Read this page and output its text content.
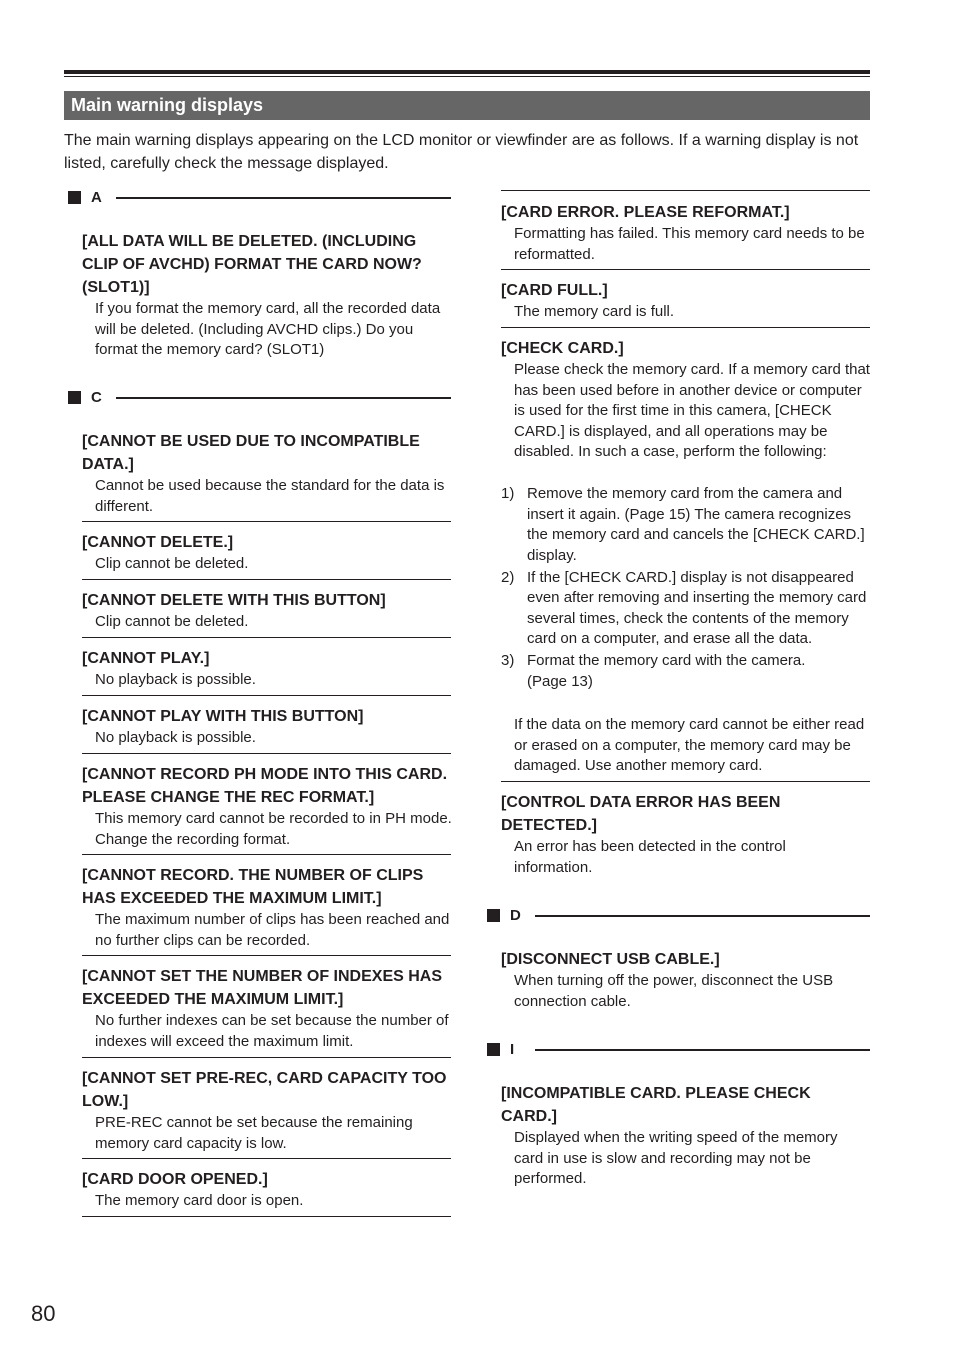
Main warning displays

The main warning displays appearing on the LCD monitor or viewfinder are as follows. If a warning display is not listed, carefully check the message displayed.

A
[ALL DATA WILL BE DELETED. (INCLUDING CLIP OF AVCHD) FORMAT THE CARD NOW? (SLOT1)]

If you format the memory card, all the recorded data will be deleted. (Including AVCHD clips.) Do you format the memory card? (SLOT1)

C
[CANNOT BE USED DUE TO INCOMPATIBLE DATA.]

Cannot be used because the standard for the data is different.

[CANNOT DELETE.]

Clip cannot be deleted.

[CANNOT DELETE WITH THIS BUTTON]

Clip cannot be deleted.

[CANNOT PLAY.]

No playback is possible.

[CANNOT PLAY WITH THIS BUTTON]

No playback is possible.

[CANNOT RECORD PH MODE INTO THIS CARD. PLEASE CHANGE THE REC FORMAT.]

This memory card cannot be recorded to in PH mode. Change the recording format.

[CANNOT RECORD. THE NUMBER OF CLIPS HAS EXCEEDED THE MAXIMUM LIMIT.]

The maximum number of clips has been reached and no further clips can be recorded.

[CANNOT SET THE NUMBER OF INDEXES HAS EXCEEDED THE MAXIMUM LIMIT.]

No further indexes can be set because the number of indexes will exceed the maximum limit.

[CANNOT SET PRE-REC, CARD CAPACITY TOO LOW.]

PRE-REC cannot be set because the remaining memory card capacity is low.

[CARD DOOR OPENED.]

The memory card door is open.

[CARD ERROR. PLEASE REFORMAT.]

Formatting has failed. This memory card needs to be reformatted.

[CARD FULL.]

The memory card is full.

[CHECK CARD.]

Please check the memory card. If a memory card that has been used before in another device or computer is used for the first time in this camera, [CHECK CARD.] is displayed, and all operations may be disabled. In such a case, perform the following:

1) Remove the memory card from the camera and insert it again. (Page 15) The camera recognizes the memory card and cancels the [CHECK CARD.] display.
2) If the [CHECK CARD.] display is not disappeared even after removing and inserting the memory card several times, check the contents of the memory card on a computer, and erase all the data.
3) Format the memory card with the camera. (Page 13)

If the data on the memory card cannot be either read or erased on a computer, the memory card may be damaged. Use another memory card.

[CONTROL DATA ERROR HAS BEEN DETECTED.]

An error has been detected in the control information.

D
[DISCONNECT USB CABLE.]

When turning off the power, disconnect the USB connection cable.

I
[INCOMPATIBLE CARD. PLEASE CHECK CARD.]

Displayed when the writing speed of the memory card in use is slow and recording may not be performed.

80
